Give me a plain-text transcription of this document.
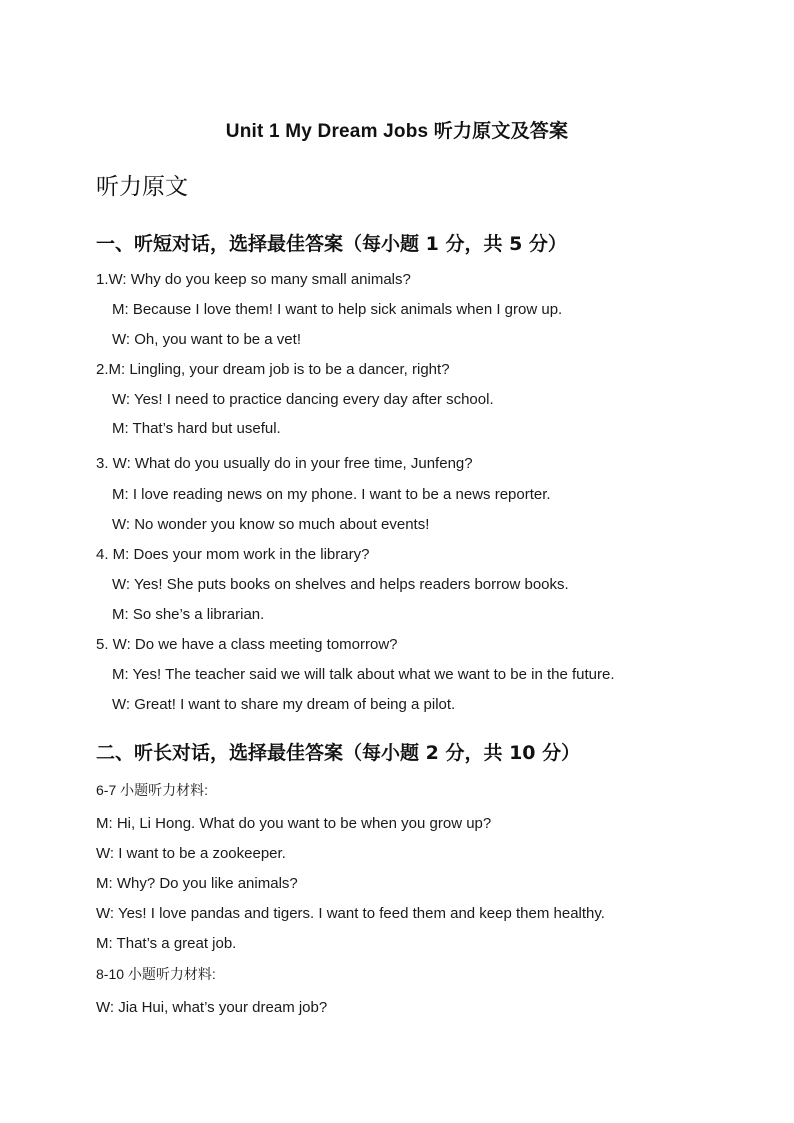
Unit 1 My Dream Jobs 听力原文及答案
听力原文
一、听短对话，选择最佳答案（每小题 1 分，共 5 分）
1.W: Why do you keep so many small animals?
M: Because I love them! I want to help sick animals when I grow up.
W: Oh, you want to be a vet!
2.M: Lingling, your dream job is to be a dancer, right?
W: Yes! I need to practice dancing every day after school.
M: That’s hard but useful.
3. W: What do you usually do in your free time, Junfeng?
M: I love reading news on my phone. I want to be a news reporter.
W: No wonder you know so much about events!
4. M: Does your mom work in the library?
W: Yes! She puts books on shelves and helps readers borrow books.
M: So she’s a librarian.
5. W: Do we have a class meeting tomorrow?
M: Yes! The teacher said we will talk about what we want to be in the future.
W: Great! I want to share my dream of being a pilot.
二、听长对话，选择最佳答案（每小题 2 分，共 10 分）
6-7 小题听力材料:
M: Hi, Li Hong. What do you want to be when you grow up?
W: I want to be a zookeeper.
M: Why? Do you like animals?
W: Yes! I love pandas and tigers. I want to feed them and keep them healthy.
M: That’s a great job.
8-10 小题听力材料:
W: Jia Hui, what’s your dream job?
